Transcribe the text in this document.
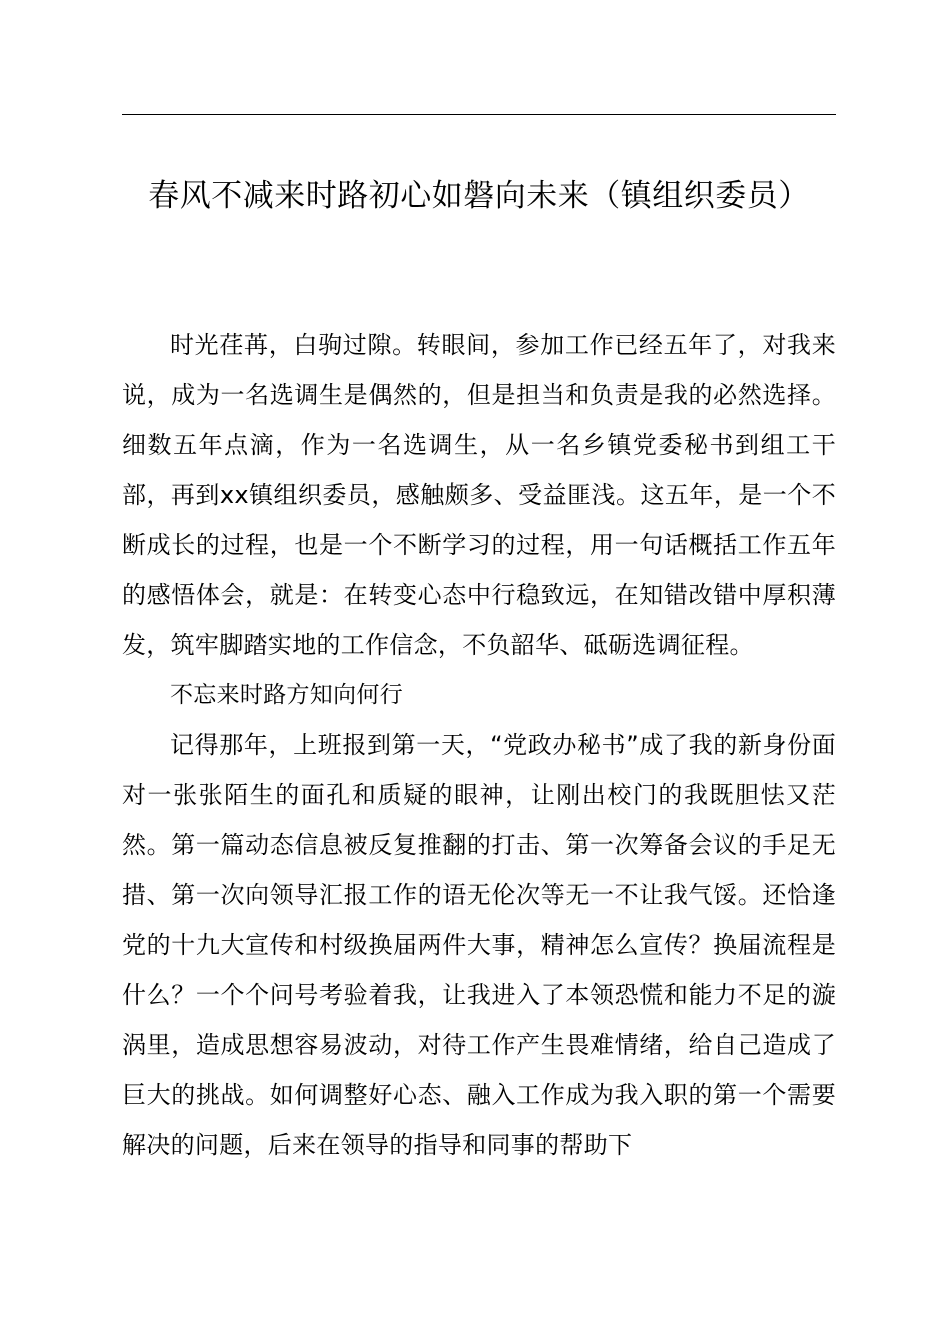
春风不减来时路初心如磐向未来（镇组织委员）

时光荏苒，白驹过隙。转眼间，参加工作已经五年了，对我来说，成为一名选调生是偶然的，但是担当和负责是我的必然选择。细数五年点滴，作为一名选调生，从一名乡镇党委秘书到组工干部，再到xx镇组织委员，感触颇多、受益匪浅。这五年，是一个不断成长的过程，也是一个不断学习的过程，用一句话概括工作五年的感悟体会，就是：在转变心态中行稳致远，在知错改错中厚积薄发，筑牢脚踏实地的工作信念，不负韶华、砥砺选调征程。

不忘来时路方知向何行

记得那年，上班报到第一天，“党政办秘书”成了我的新身份面对一张张陌生的面孔和质疑的眼神，让刚出校门的我既胆怯又茫然。第一篇动态信息被反复推翻的打击、第一次筹备会议的手足无措、第一次向领导汇报工作的语无伦次等无一不让我气馁。还恰逢党的十九大宣传和村级换届两件大事，精神怎么宣传？换届流程是什么？一个个问号考验着我，让我进入了本领恐慌和能力不足的漩涡里，造成思想容易波动，对待工作产生畏难情绪，给自己造成了巨大的挑战。如何调整好心态、融入工作成为我入职的第一个需要解决的问题，后来在领导的指导和同事的帮助下
